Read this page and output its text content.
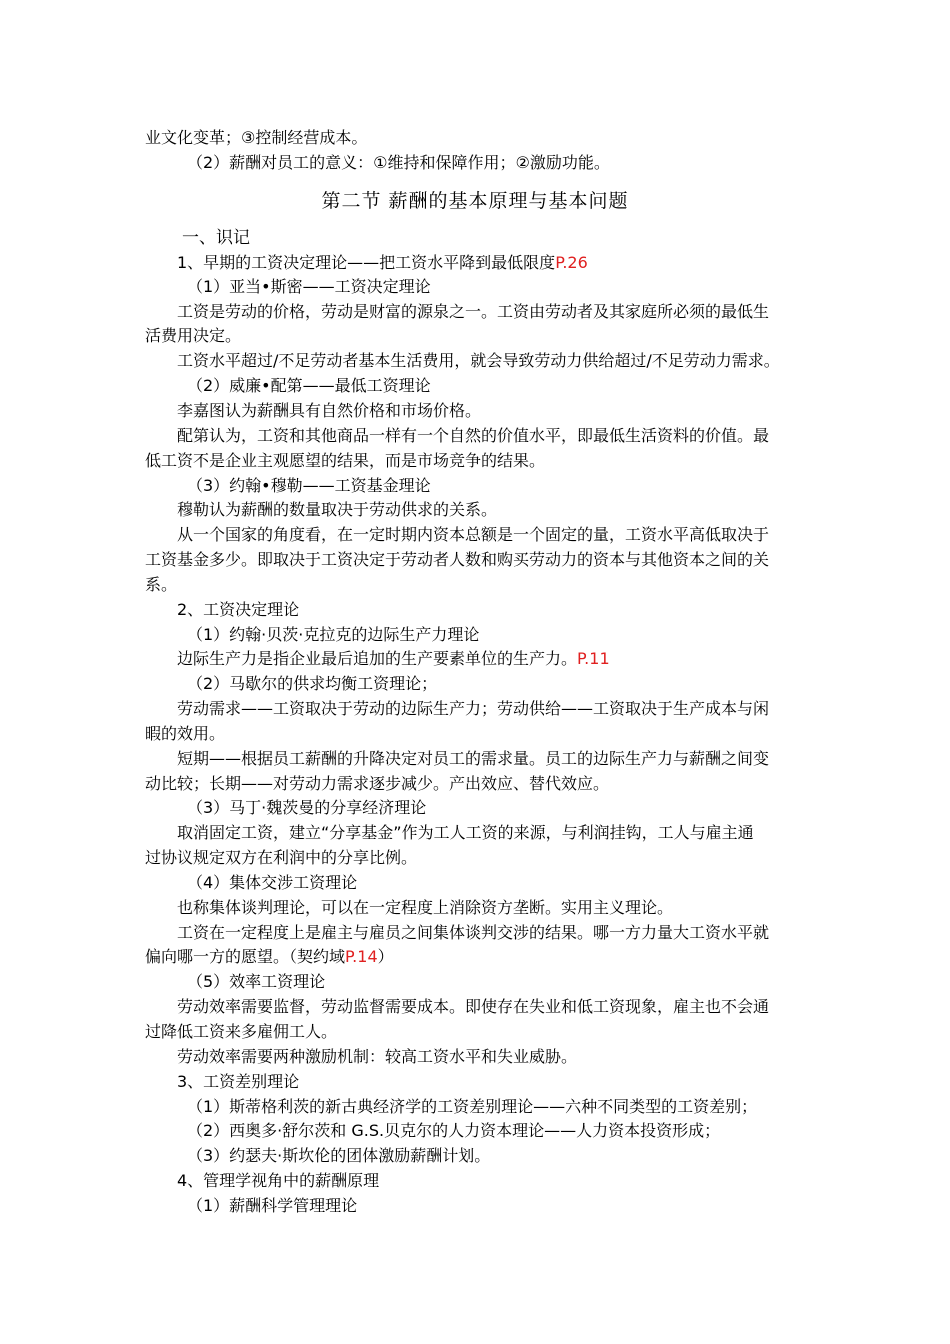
业文化变革；③控制经营成本。
（2）薪酬对员工的意义：①维持和保障作用；②激励功能。
第二节 薪酬的基本原理与基本问题
一、识记
1、早期的工资决定理论——把工资水平降到最低限度P.26
（1）亚当•斯密——工资决定理论
工资是劳动的价格，劳动是财富的源泉之一。工资由劳动者及其家庭所必须的最低生
活费用决定。
工资水平超过/不足劳动者基本生活费用，就会导致劳动力供给超过/不足劳动力需求。
（2）威廉•配第——最低工资理论
李嘉图认为薪酬具有自然价格和市场价格。
配第认为，工资和其他商品一样有一个自然的价值水平，即最低生活资料的价值。最
低工资不是企业主观愿望的结果，而是市场竞争的结果。
（3）约翰•穆勒——工资基金理论
穆勒认为薪酬的数量取决于劳动供求的关系。
从一个国家的角度看，在一定时期内资本总额是一个固定的量，工资水平高低取决于
工资基金多少。即取决于工资决定于劳动者人数和购买劳动力的资本与其他资本之间的关
系。
2、工资决定理论
（1）约翰·贝茨·克拉克的边际生产力理论
边际生产力是指企业最后追加的生产要素单位的生产力。P.11
（2）马歇尔的供求均衡工资理论；
劳动需求——工资取决于劳动的边际生产力；劳动供给——工资取决于生产成本与闲
暇的效用。
短期——根据员工薪酬的升降决定对员工的需求量。员工的边际生产力与薪酬之间变
动比较；长期——对劳动力需求逐步减少。产出效应、替代效应。
（3）马丁·魏茨曼的分享经济理论
取消固定工资，建立“分享基金”作为工人工资的来源，与利润挂钩，工人与雇主通
过协议规定双方在利润中的分享比例。
（4）集体交涉工资理论
也称集体谈判理论，可以在一定程度上消除资方垄断。实用主义理论。
工资在一定程度上是雇主与雇员之间集体谈判交涉的结果。哪一方力量大工资水平就
偏向哪一方的愿望。（契约域P.14）
（5）效率工资理论
劳动效率需要监督，劳动监督需要成本。即使存在失业和低工资现象，雇主也不会通
过降低工资来多雇佣工人。
劳动效率需要两种激励机制：较高工资水平和失业威胁。
3、工资差别理论
（1）斯蒂格利茨的新古典经济学的工资差别理论——六种不同类型的工资差别；
（2）西奥多·舒尔茨和 G.S.贝克尔的人力资本理论——人力资本投资形成；
（3）约瑟夫·斯坎伦的团体激励薪酬计划。
4、管理学视角中的薪酬原理
（1）薪酬科学管理理论
